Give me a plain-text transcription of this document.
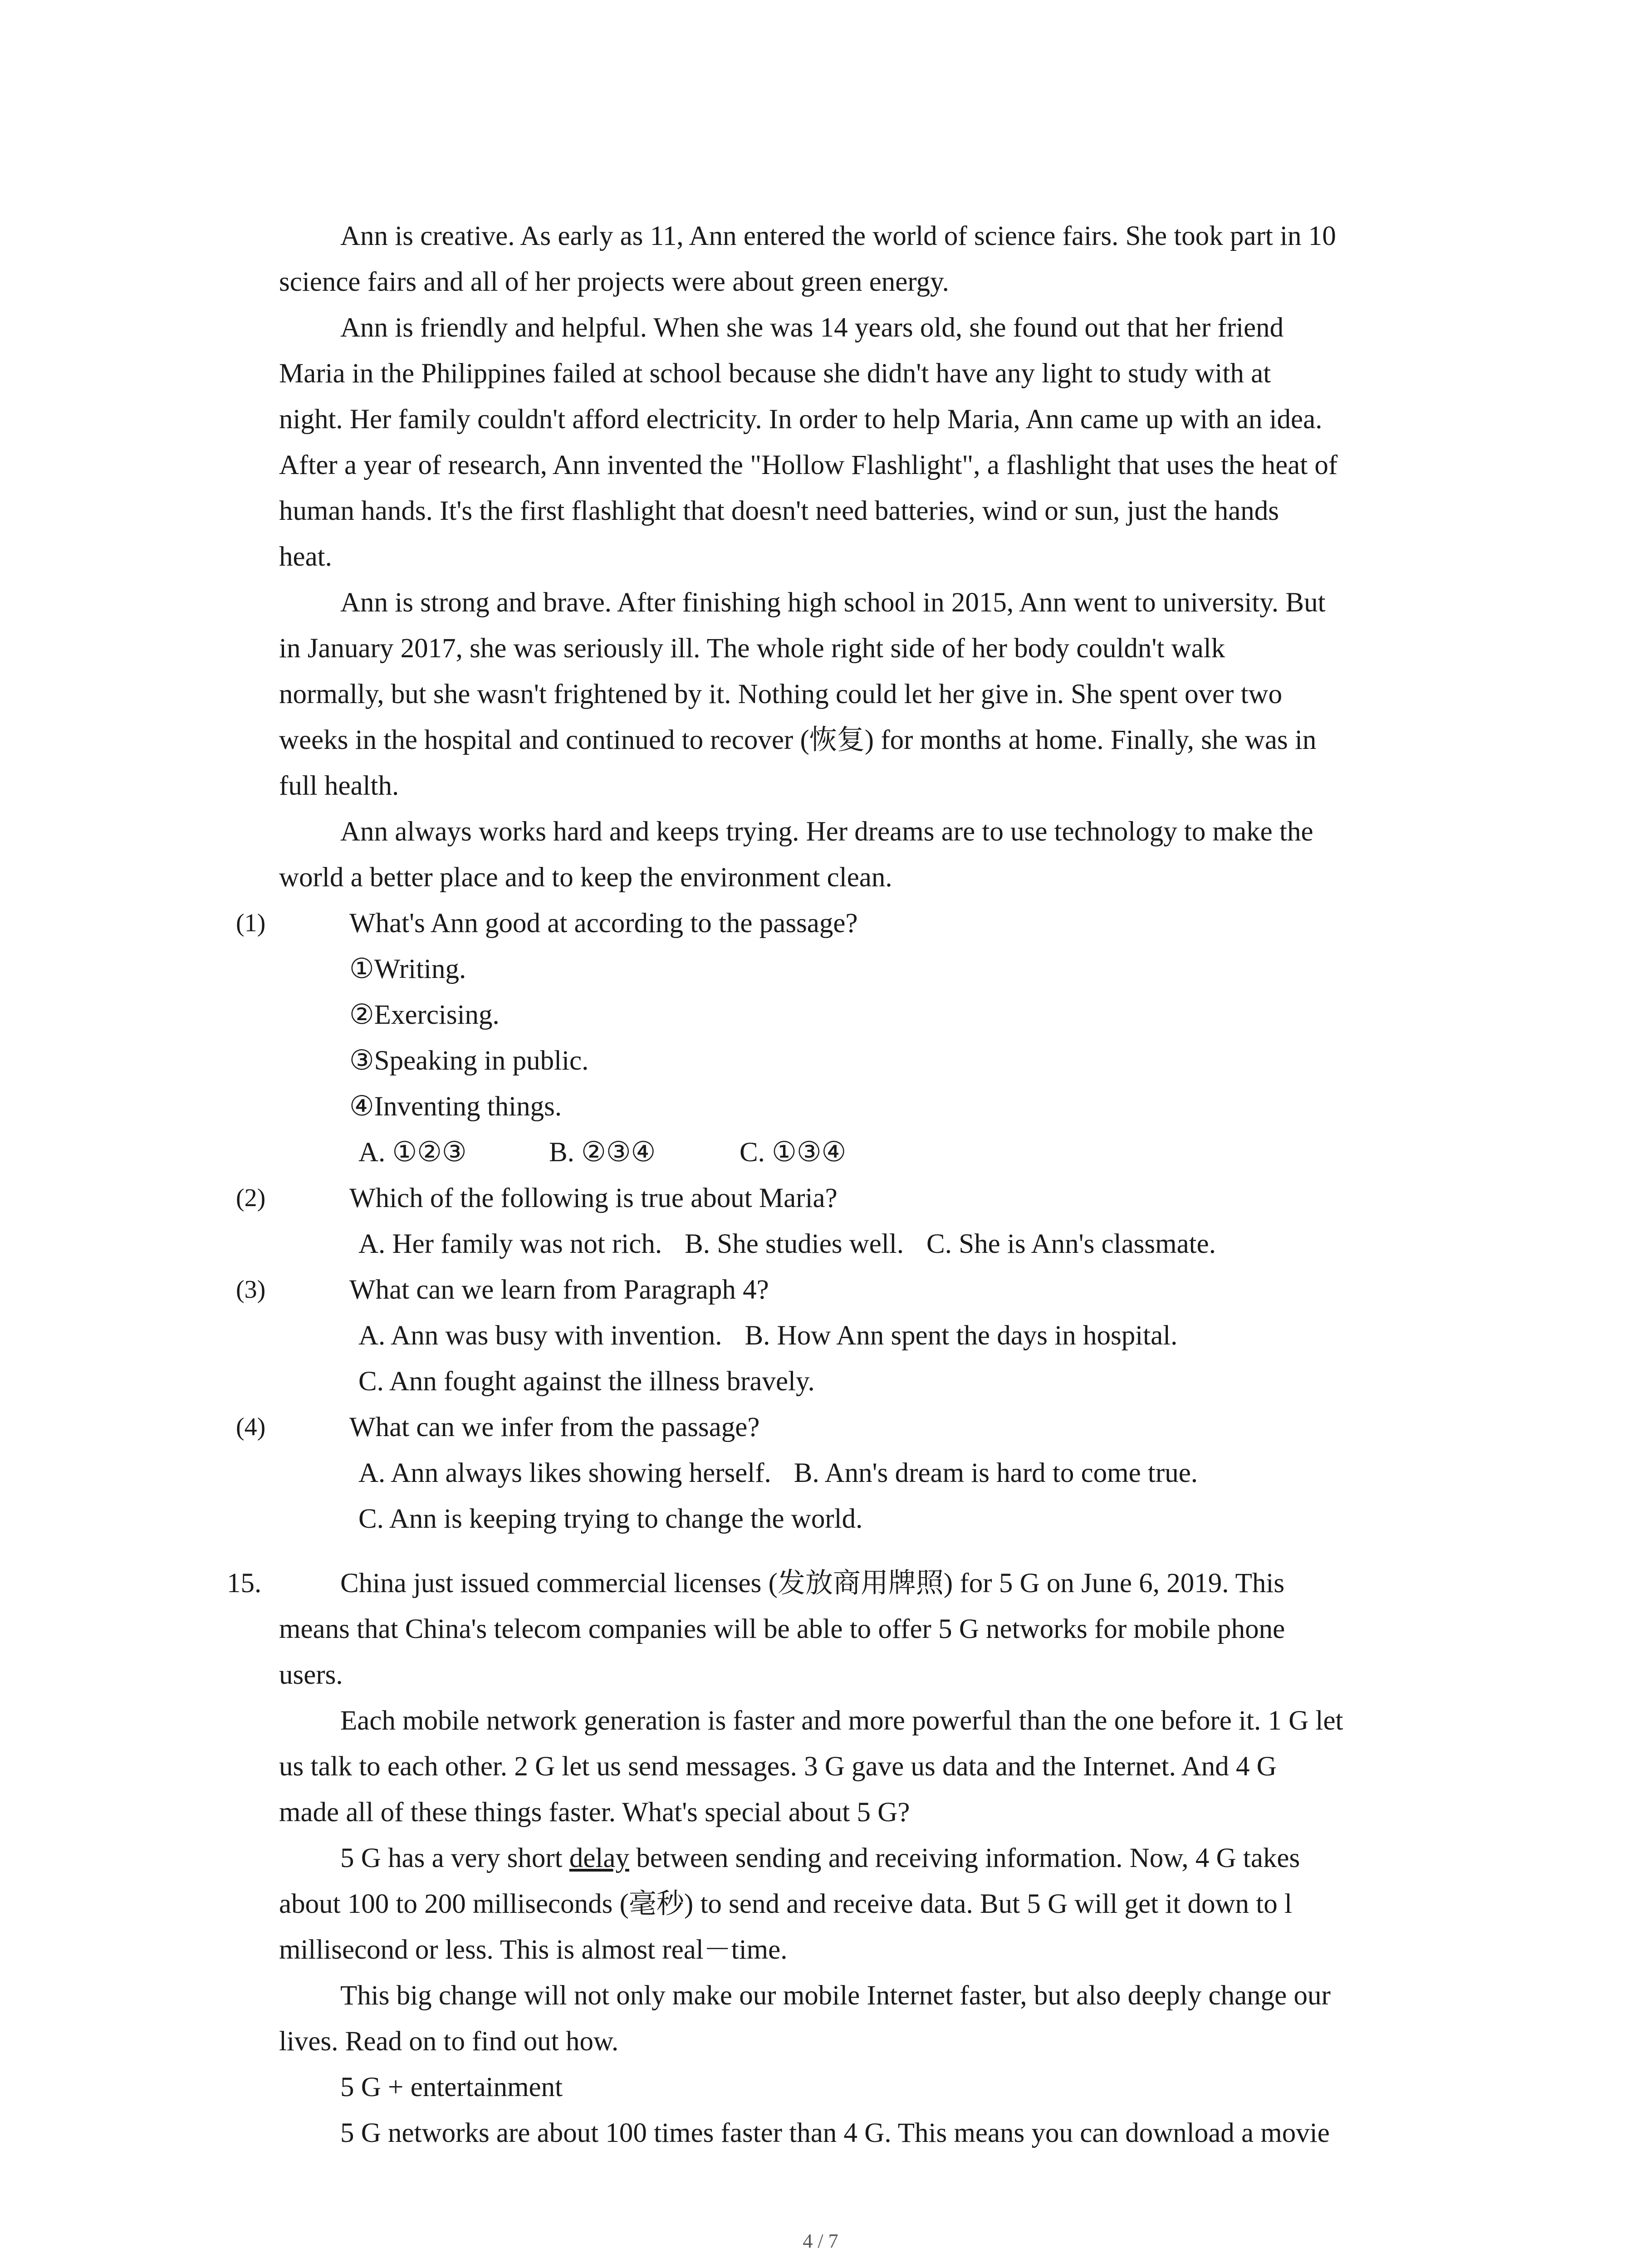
Ann is creative. As early as 11, Ann entered the world of science fairs. She took part in 10
science fairs and all of her projects were about green energy.
Ann is friendly and helpful. When she was 14 years old, she found out that her friend
Maria in the Philippines failed at school because she didn't have any light to study with at
night. Her family couldn't afford electricity. In order to help Maria, Ann came up with an idea.
After a year of research, Ann invented the "Hollow Flashlight", a flashlight that uses the heat of
human hands. It's the first flashlight that doesn't need batteries, wind or sun, just the hands
heat.
Ann is strong and brave. After finishing high school in 2015, Ann went to university. But
in January 2017, she was seriously ill. The whole right side of her body couldn't walk
normally, but she wasn't frightened by it. Nothing could let her give in. She spent over two
weeks in the hospital and continued to recover (恢复) for months at home. Finally, she was in
full health.
Ann always works hard and keeps trying. Her dreams are to use technology to make the
world a better place and to keep the environment clean.
(1)	What's Ann good at according to the passage?
①Writing.
②Exercising.
③Speaking in public.
④Inventing things.
A. ①②③	B. ②③④	C. ①③④
(2)	Which of the following is true about Maria?
A. Her family was not rich. B. She studies well. C. She is Ann's classmate.
(3)	What can we learn from Paragraph 4?
A. Ann was busy with invention. B. How Ann spent the days in hospital.
C. Ann fought against the illness bravely.
(4)	What can we infer from the passage?
A. Ann always likes showing herself. B. Ann's dream is hard to come true.
C. Ann is keeping trying to change the world.
15.	China just issued commercial licenses (发放商用牌照) for 5 G on June 6, 2019. This
means that China's telecom companies will be able to offer 5 G networks for mobile phone
users.
Each mobile network generation is faster and more powerful than the one before it. 1 G let
us talk to each other. 2 G let us send messages. 3 G gave us data and the Internet. And 4 G
made all of these things faster. What's special about 5 G?
5 G has a very short delay between sending and receiving information. Now, 4 G takes
about 100 to 200 milliseconds (毫秒) to send and receive data. But 5 G will get it down to l
millisecond or less. This is almost real－time.
This big change will not only make our mobile Internet faster, but also deeply change our
lives. Read on to find out how.
5 G + entertainment
5 G networks are about 100 times faster than 4 G. This means you can download a movie
4 / 7
